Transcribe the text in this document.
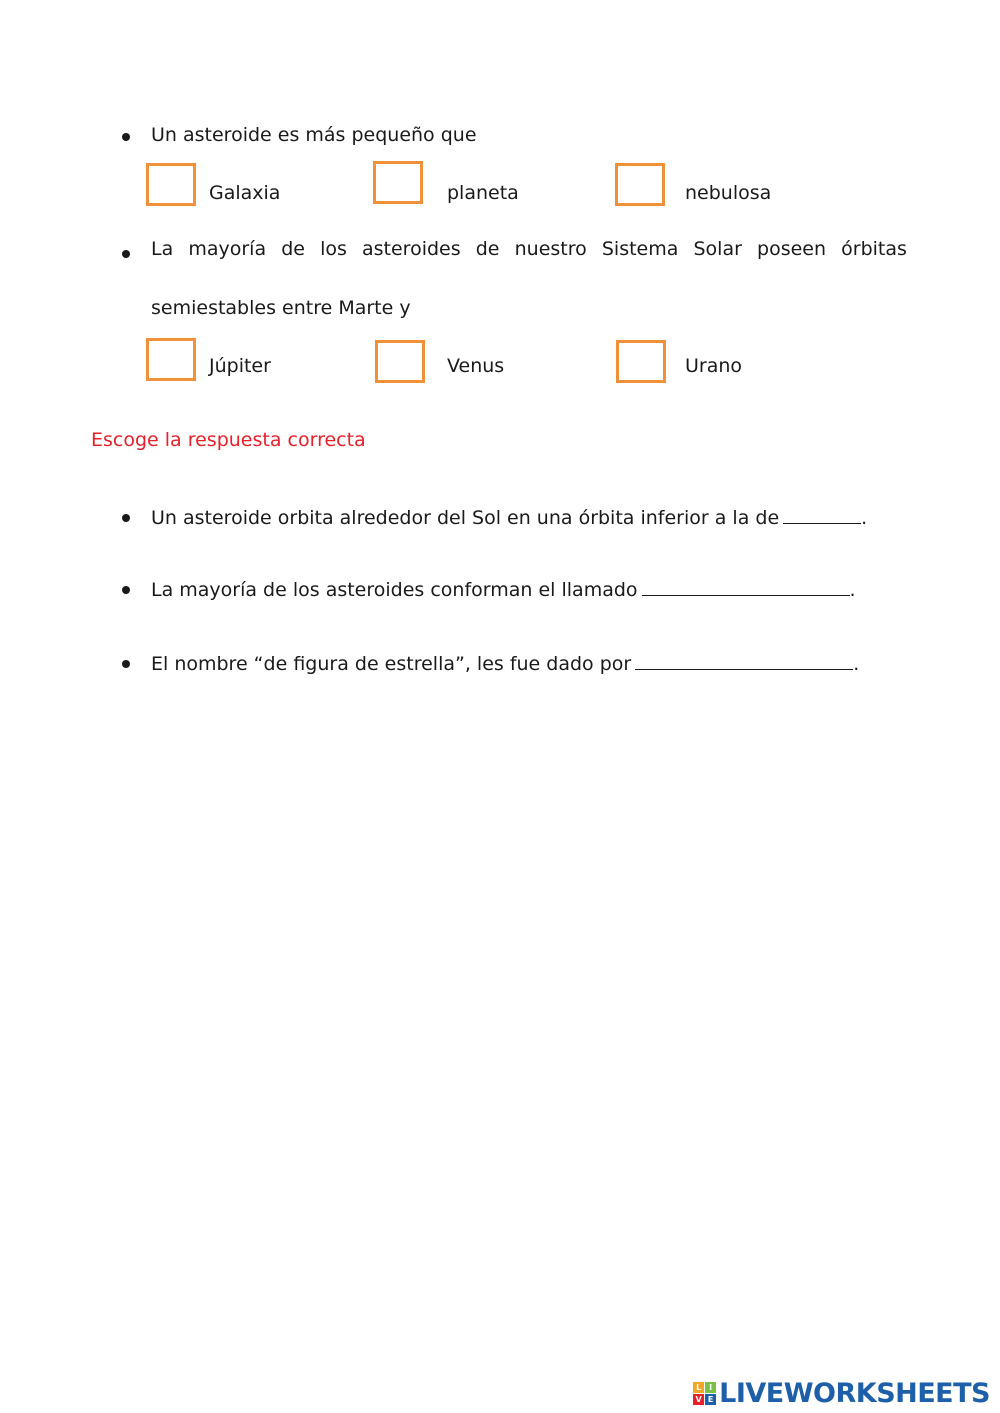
Un asteroide es más pequeño que
Galaxia	planeta	nebulosa
La mayoría de los asteroides de nuestro Sistema Solar poseen órbitas
semiestables entre Marte y
Júpiter	Venus	Urano
Escoge la respuesta correcta
Un asteroide orbita alrededor del Sol en una órbita inferior a la de	.
La mayoría de los asteroides conforman el llamado	.
El nombre “de figura de estrella”, les fue dado por	.
L I
V E LIVEWORKSHEETS
